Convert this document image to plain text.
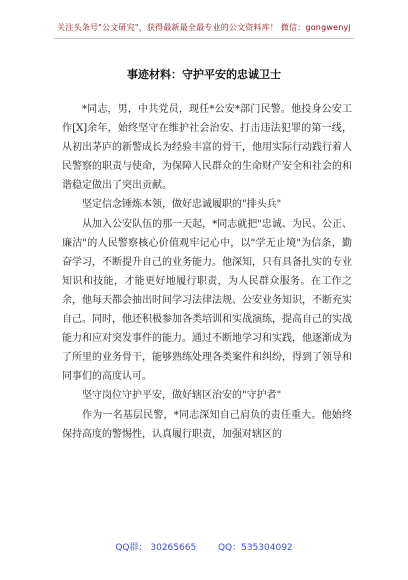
关注头条号"公文研究"，获得最新最全最专业的公文资料库！ 微信：gongwenyj
事迹材料：守护平安的忠诚卫士

*同志，男，中共党员，现任*公安*部门民警。他投身公安工作[X]余年，始终坚守在维护社会治安、打击违法犯罪的第一线，从初出茅庐的新警成长为经验丰富的骨干，他用实际行动践行着人民警察的职责与使命，为保障人民群众的生命财产安全和社会的和谐稳定做出了突出贡献。

坚定信念锤炼本领，做好忠诚履职的"排头兵"

从加入公安队伍的那一天起，*同志就把"忠诚、为民、公正、廉洁"的人民警察核心价值观牢记心中，以"学无止境"为信条，勤奋学习，不断提升自己的业务能力。他深知，只有具备扎实的专业知识和技能，才能更好地履行职责，为人民群众服务。在工作之余，他每天都会抽出时间学习法律法规、公安业务知识，不断充实自己。同时，他还积极参加各类培训和实战演练，提高自己的实战能力和应对突发事件的能力。通过不断地学习和实践，他逐渐成为了所里的业务骨干，能够熟练处理各类案件和纠纷，得到了领导和同事们的高度认可。

坚守岗位守护平安，做好辖区治安的"守护者"

作为一名基层民警，*同志深知自己肩负的责任重大。他始终保持高度的警惕性，认真履行职责，加强对辖区的

QQ群： 30265665 QQ：535304092
